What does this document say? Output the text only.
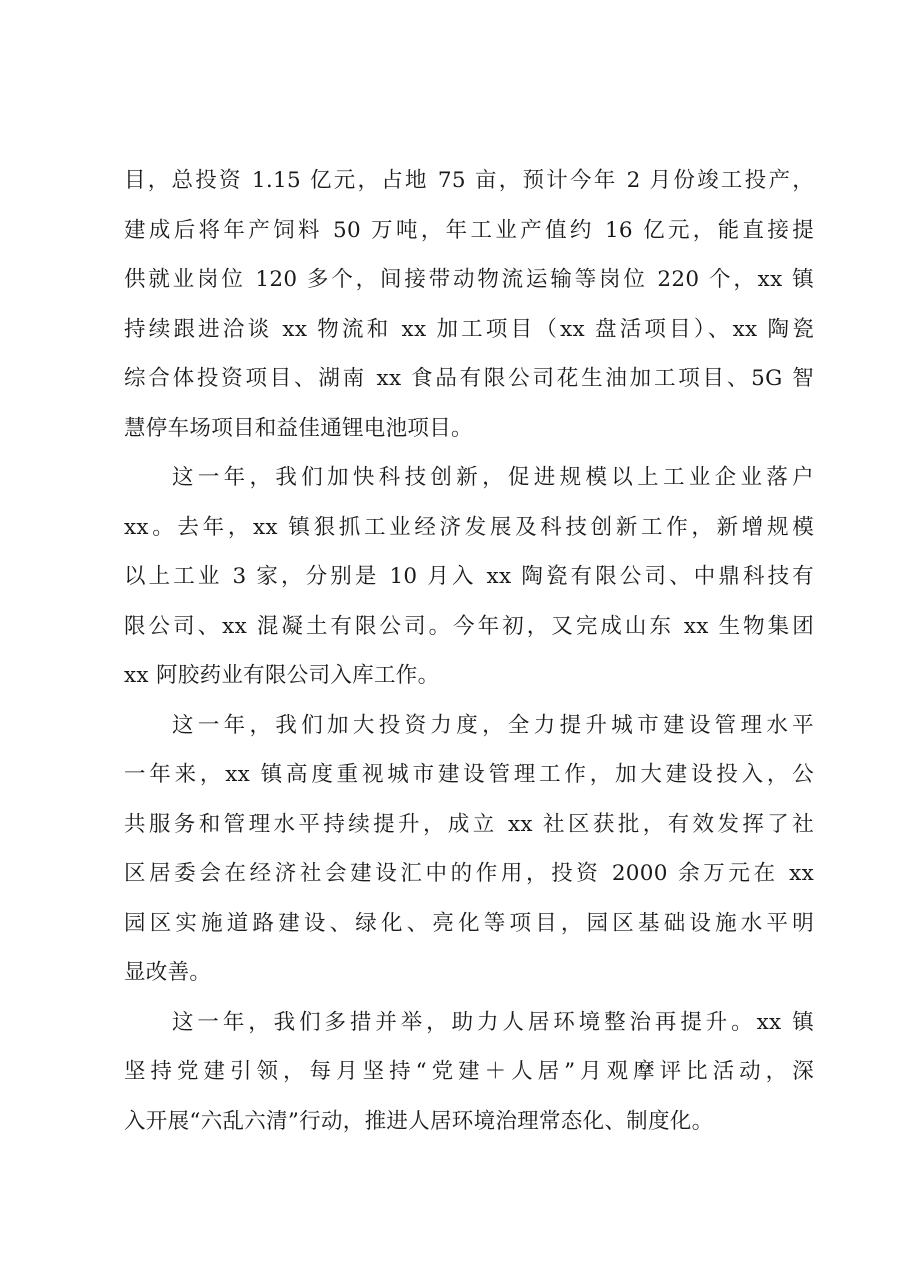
目，总投资 1.15 亿元，占地 75 亩，预计今年 2 月份竣工投产，
建成后将年产饲料 50 万吨，年工业产值约 16 亿元，能直接提
供就业岗位 120 多个，间接带动物流运输等岗位 220 个，xx 镇
持续跟进洽谈 xx 物流和 xx 加工项目（xx 盘活项目）、xx 陶瓷
综合体投资项目、湖南 xx 食品有限公司花生油加工项目、5G 智
慧停车场项目和益佳通锂电池项目。
这一年，我们加快科技创新，促进规模以上工业企业落户
xx。去年，xx 镇狠抓工业经济发展及科技创新工作，新增规模
以上工业 3 家，分别是 10 月入 xx 陶瓷有限公司、中鼎科技有
限公司、xx 混凝土有限公司。今年初，又完成山东 xx 生物集团
xx 阿胶药业有限公司入库工作。
这一年，我们加大投资力度，全力提升城市建设管理水平
一年来，xx 镇高度重视城市建设管理工作，加大建设投入，公
共服务和管理水平持续提升，成立 xx 社区获批，有效发挥了社
区居委会在经济社会建设汇中的作用，投资 2000 余万元在 xx
园区实施道路建设、绿化、亮化等项目，园区基础设施水平明
显改善。
这一年，我们多措并举，助力人居环境整治再提升。xx 镇
坚持党建引领，每月坚持“党建＋人居”月观摩评比活动，深
入开展“六乱六清”行动，推进人居环境治理常态化、制度化。
